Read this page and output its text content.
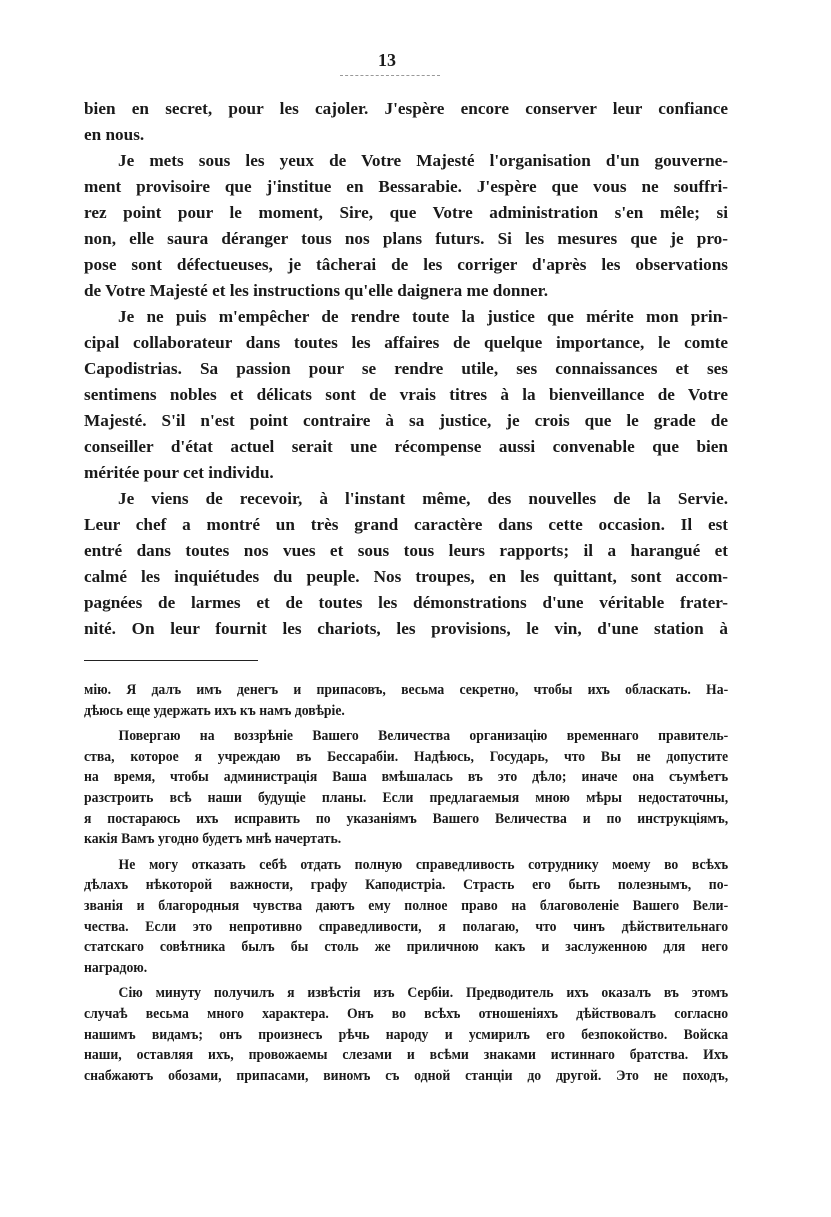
13
bien en secret, pour les cajoler. J'espère encore conserver leur confiance
en nous.
Je mets sous les yeux de Votre Majesté l'organisation d'un gouverne-
ment provisoire que j'institue en Bessarabie. J'espère que vous ne souffri-
rez point pour le moment, Sire, que Votre administration s'en mêle; si
non, elle saura déranger tous nos plans futurs. Si les mesures que je pro-
pose sont défectueuses, je tâcherai de les corriger d'après les observations
de Votre Majesté et les instructions qu'elle daignera me donner.
Je ne puis m'empêcher de rendre toute la justice que mérite mon prin-
cipal collaborateur dans toutes les affaires de quelque importance, le comte
Capodistrias. Sa passion pour se rendre utile, ses connaissances et ses
sentimens nobles et délicats sont de vrais titres à la bienveillance de Votre
Majesté. S'il n'est point contraire à sa justice, je crois que le grade de
conseiller d'état actuel serait une récompense aussi convenable que bien
méritée pour cet individu.
Je viens de recevoir, à l'instant même, des nouvelles de la Servie.
Leur chef a montré un très grand caractère dans cette occasion. Il est
entré dans toutes nos vues et sous tous leurs rapports; il a harangué et
calmé les inquiétudes du peuple. Nos troupes, en les quittant, sont accom-
pagnées de larmes et de toutes les démonstrations d'une véritable frater-
nité. On leur fournit les chariots, les provisions, le vin, d'une station à
мiю. Я далъ имъ денегъ и припасовъ, весьма секретно, чтобы ихъ обласкать. На-
дѣюсь еще удержать ихъ къ намъ довѣрie.
Повергаю на воззрѣнie Вашего Величества организацiю временнаго правитель-
ства, которое я учреждаю въ Бессарабiи. Надѣюсь, Государь, что Вы не допустите
на время, чтобы администрацiя Ваша вмѣшалась въ это дѣло; иначе она съумѣетъ
разстроить всѣ наши будущiе планы. Если предлагаемыя мною мѣры недостаточны,
я постараюсь ихъ исправить по указанiямъ Вашего Величества и по инструкцiямъ,
какiя Вамъ угодно будетъ мнѣ начертать.
Не могу отказать себѣ отдать полную справедливость сотруднику моему во всѣхъ
дѣлахъ нѣкоторой важности, графу Каподистрiа. Страсть его быть полезнымъ, по-
званiя и благородныя чувства даютъ ему полное право на благоволенiе Вашего Вели-
чества. Если это непротивно справедливости, я полагаю, что чинъ дѣйствительнаго
статскаго совѣтника былъ бы столь же приличною какъ и заслуженною для него
наградою.
Сiю минуту получилъ я извѣстiя изъ Сербiи. Предводитель ихъ оказалъ въ этомъ
случаѣ весьма много характера. Онъ во всѣхъ отношенiяхъ дѣйствовалъ согласно
нашимъ видамъ; онъ произнесъ рѣчь народу и усмирилъ его безпокойство. Войска
наши, оставляя ихъ, провожаемы слезами и всѣми знаками истиннаго братства. Ихъ
снабжаютъ обозами, припасами, виномъ съ одной станцiи до другой. Это не походъ,
